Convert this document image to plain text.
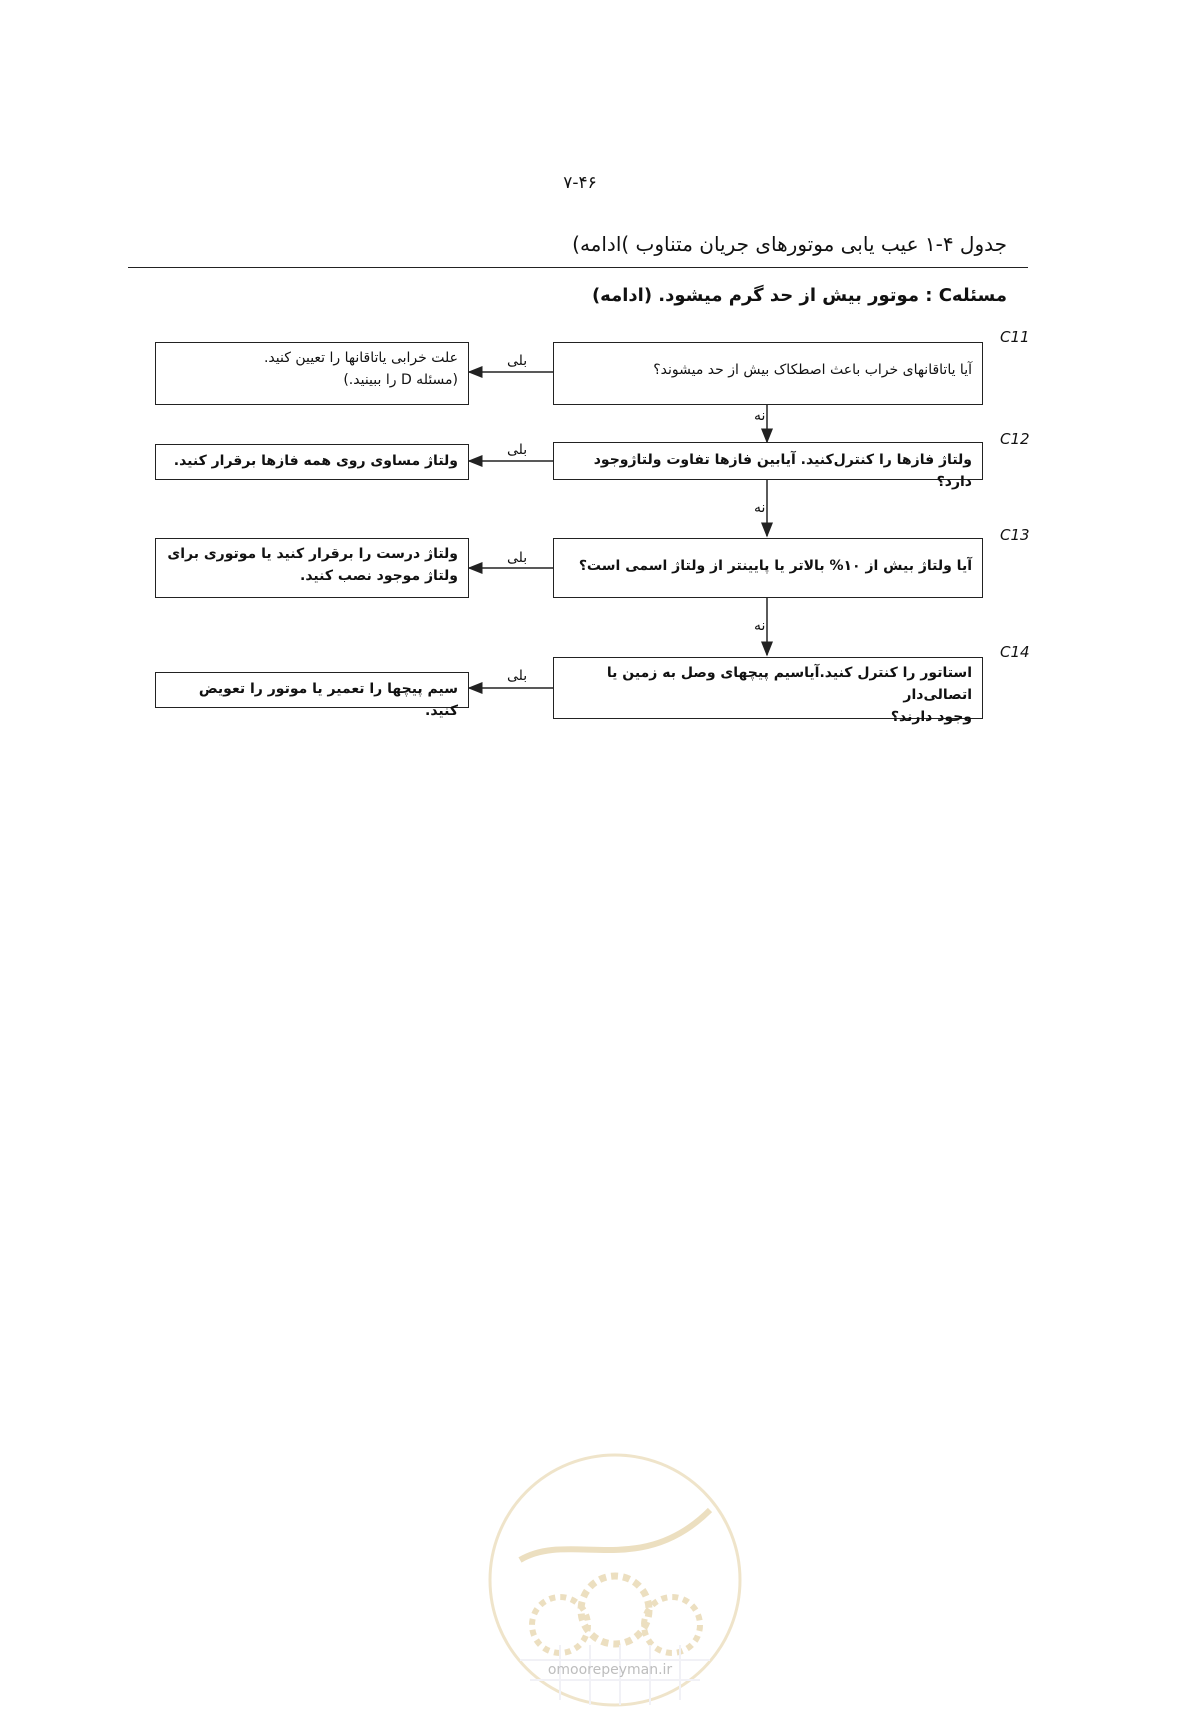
۷-۴۶
جدول ۴-۱ عیب یابی موتورهای جریان متناوب )ادامه)
مسئلهC : موتور بیش از حد گرم میشود. (ادامه)
C11
آیا یاتاقانهای خراب باعث اصطکاک بیش از حد میشوند؟
بلی
علت خرابی یاتاقانها را تعیین کنید.
(مسئله D را ببینید.)
نه
C12
ولتاژ فازها را کنترل‌کنید. آیابین فازها تفاوت ولتاژوجود دارد؟
بلی
ولتاژ مساوی روی همه فازها برقرار کنید.
نه
C13
آیا ولتاژ بیش از ۱۰% بالاتر یا پایینتر از ولتاژ اسمی است؟
بلی
ولتاژ درست را برقرار کنید یا موتوری برای
ولتاژ موجود نصب کنید.
نه
C14
استاتور را کنترل کنید.آیاسیم پیچهای وصل به زمین یا اتصالی‌دار
وجود دارند؟
بلی
سیم پیچها را تعمیر یا موتور را تعویض کنید.
omoorepeyman.ir
